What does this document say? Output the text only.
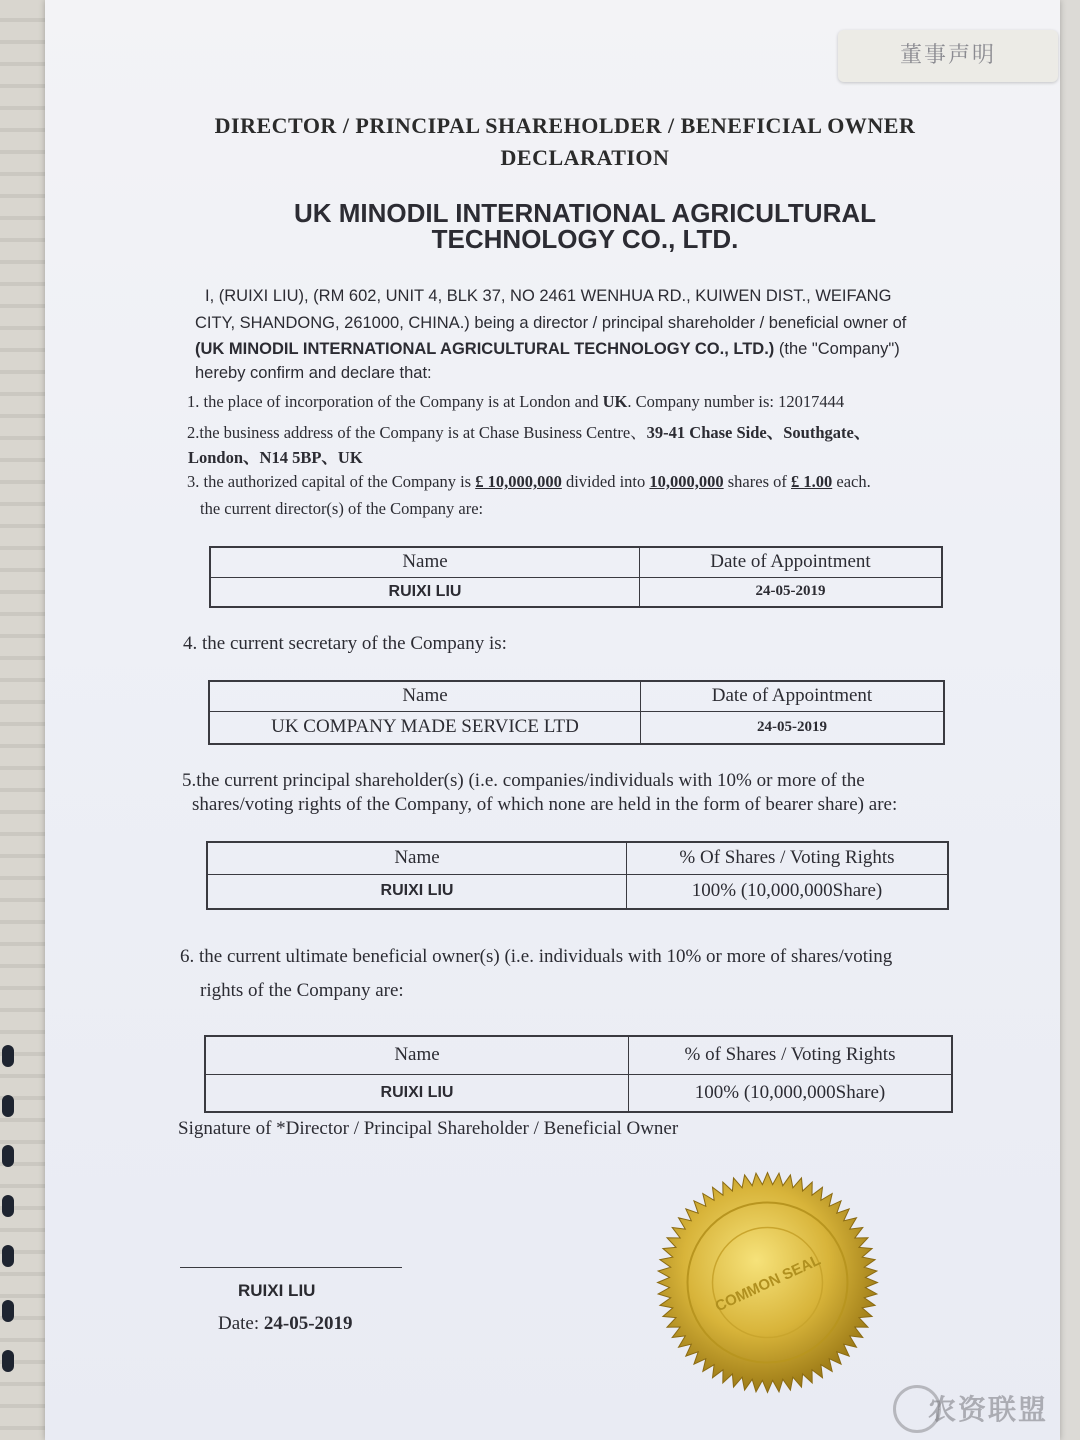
董事声明
DIRECTOR / PRINCIPAL SHAREHOLDER / BENEFICIAL OWNER
DECLARATION
UK MINODIL INTERNATIONAL AGRICULTURAL
TECHNOLOGY CO., LTD.
I, (RUIXI LIU), (RM 602, UNIT 4, BLK 37, NO 2461 WENHUA RD., KUIWEN DIST., WEIFANG
CITY, SHANDONG, 261000, CHINA.) being a director / principal shareholder / beneficial owner of
(UK MINODIL INTERNATIONAL AGRICULTURAL TECHNOLOGY CO., LTD.) (the "Company")
hereby confirm and declare that:
1. the place of incorporation of the Company is at London and UK. Company number is: 12017444
2.the business address of the Company is at Chase Business Centre、39-41 Chase Side、Southgate、
London、N14 5BP、UK
3. the authorized capital of the Company is £ 10,000,000 divided into 10,000,000 shares of £ 1.00 each.
the current director(s) of the Company are:
Name	Date of Appointment
RUIXI LIU	24-05-2019
4. the current secretary of the Company is:
Name	Date of Appointment
UK COMPANY MADE SERVICE LTD	24-05-2019
5.the current principal shareholder(s) (i.e. companies/individuals with 10% or more of the
shares/voting rights of the Company, of which none are held in the form of bearer share) are:
Name	% Of Shares / Voting Rights
RUIXI LIU	100% (10,000,000Share)
6. the current ultimate beneficial owner(s) (i.e. individuals with 10% or more of shares/voting
rights of the Company are:
Name	% of Shares / Voting Rights
RUIXI LIU	100% (10,000,000Share)
Signature of *Director / Principal Shareholder / Beneficial Owner
COMMON SEAL
RUIXI LIU
Date: 24-05-2019
农资联盟
